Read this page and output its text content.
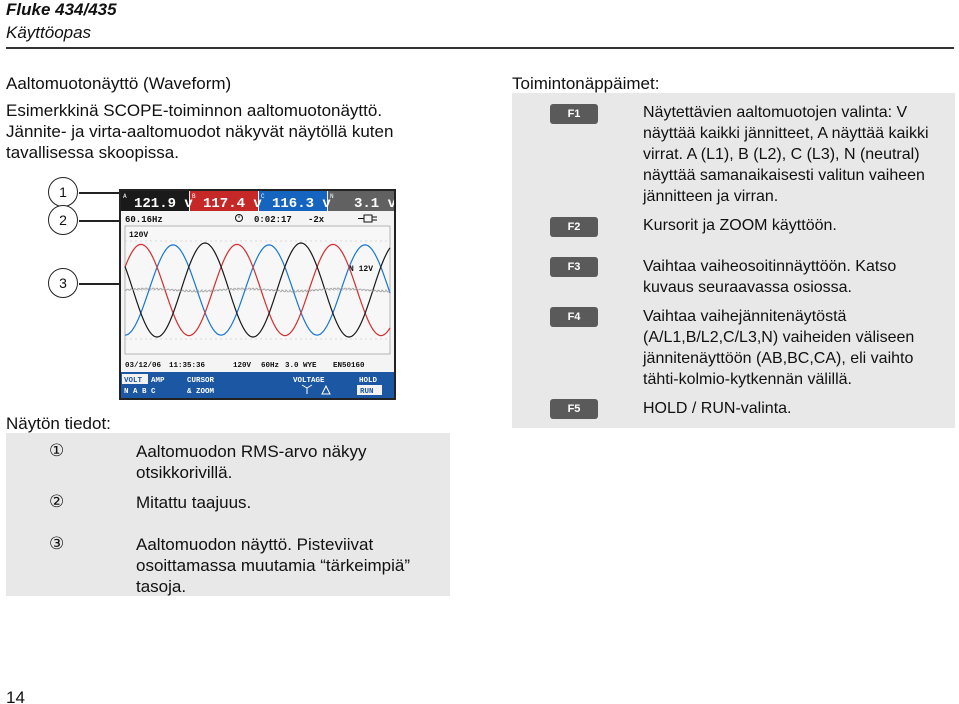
Fluke 434/435
Käyttöopas
Aaltomuotonäyttö (Waveform)
Esimerkkinä SCOPE-toiminnon aaltomuotonäyttö.
Jännite- ja virta-aaltomuodot näkyvät näytöllä kuten
tavallisessa skoopissa.
1
2
3
A 121.9 v B 117.4 v C 116.3 v N 3.1 v
60.16Hz	0:02:17 -2x
120V
N 12V
03/12/06 11:35:36	120V 60Hz 3.0 WYE EN50160
VOLT AMP
N A B C
CURSOR
& ZOOM
VOLTAGE	HOLD
RUN
Näytön tiedot:
①	Aaltomuodon RMS-arvo näkyy otsikkorivillä.
②	Mitattu taajuus.
③	Aaltomuodon näyttö. Pisteviivat osoittamassa muutamia “tärkeimpiä” tasoja.
Toimintonäppäimet:
F1	Näytettävien aaltomuotojen valinta: V näyttää kaikki jännitteet, A näyttää kaikki virrat. A (L1), B (L2), C (L3), N (neutral) näyttää samanaikaisesti valitun vaiheen jännitteen ja virran.
F2	Kursorit ja ZOOM käyttöön.
F3	Vaihtaa vaiheosoitinnäyttöön. Katso kuvaus seuraavassa osiossa.
F4	Vaihtaa vaihejännitenäytöstä (A/L1,B/L2,C/L3,N) vaiheiden väliseen jännitenäyttöön (AB,BC,CA), eli vaihto tähti-kolmio-kytkennän välillä.
F5	HOLD / RUN-valinta.
14
